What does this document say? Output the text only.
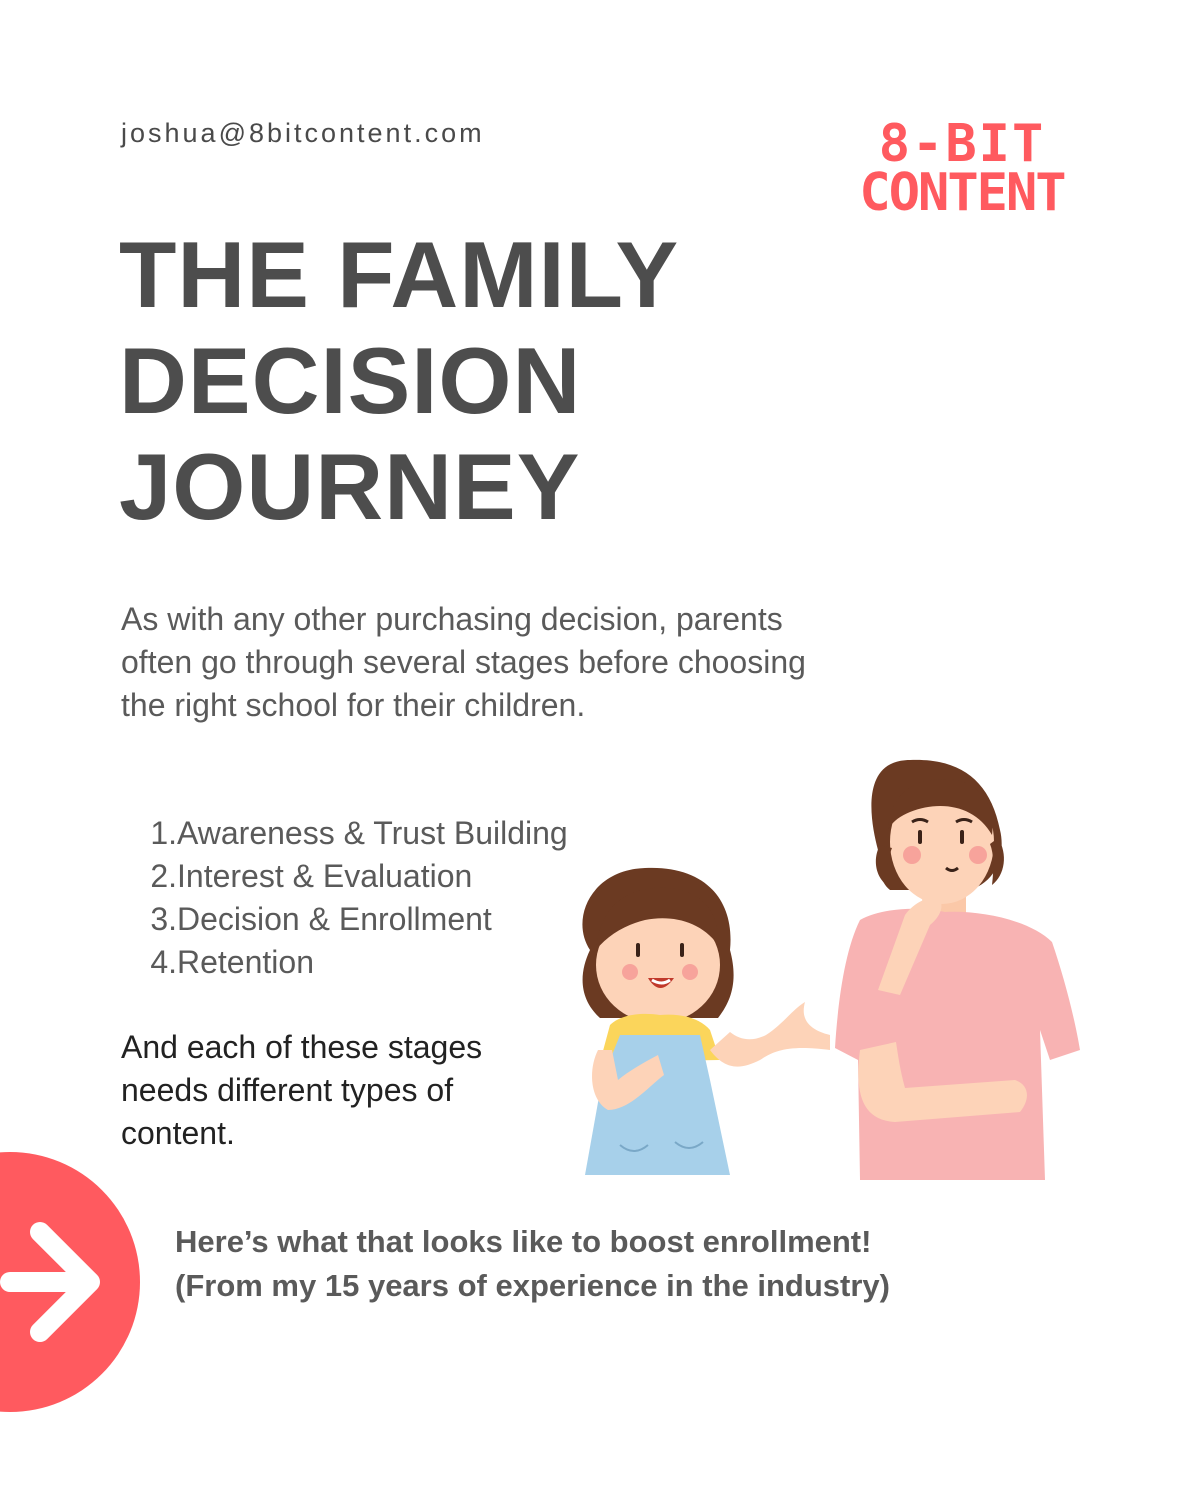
joshua@8bitcontent.com	8-BIT
CONTENT
THE FAMILY
DECISION
JOURNEY

As with any other purchasing decision, parents often go through several stages before choosing the right school for their children.

1. Awareness & Trust Building
2. Interest & Evaluation
3. Decision & Enrollment
4. Retention

And each of these stages needs different types of content.

Here’s what that looks like to boost enrollment!
(From my 15 years of experience in the industry)
